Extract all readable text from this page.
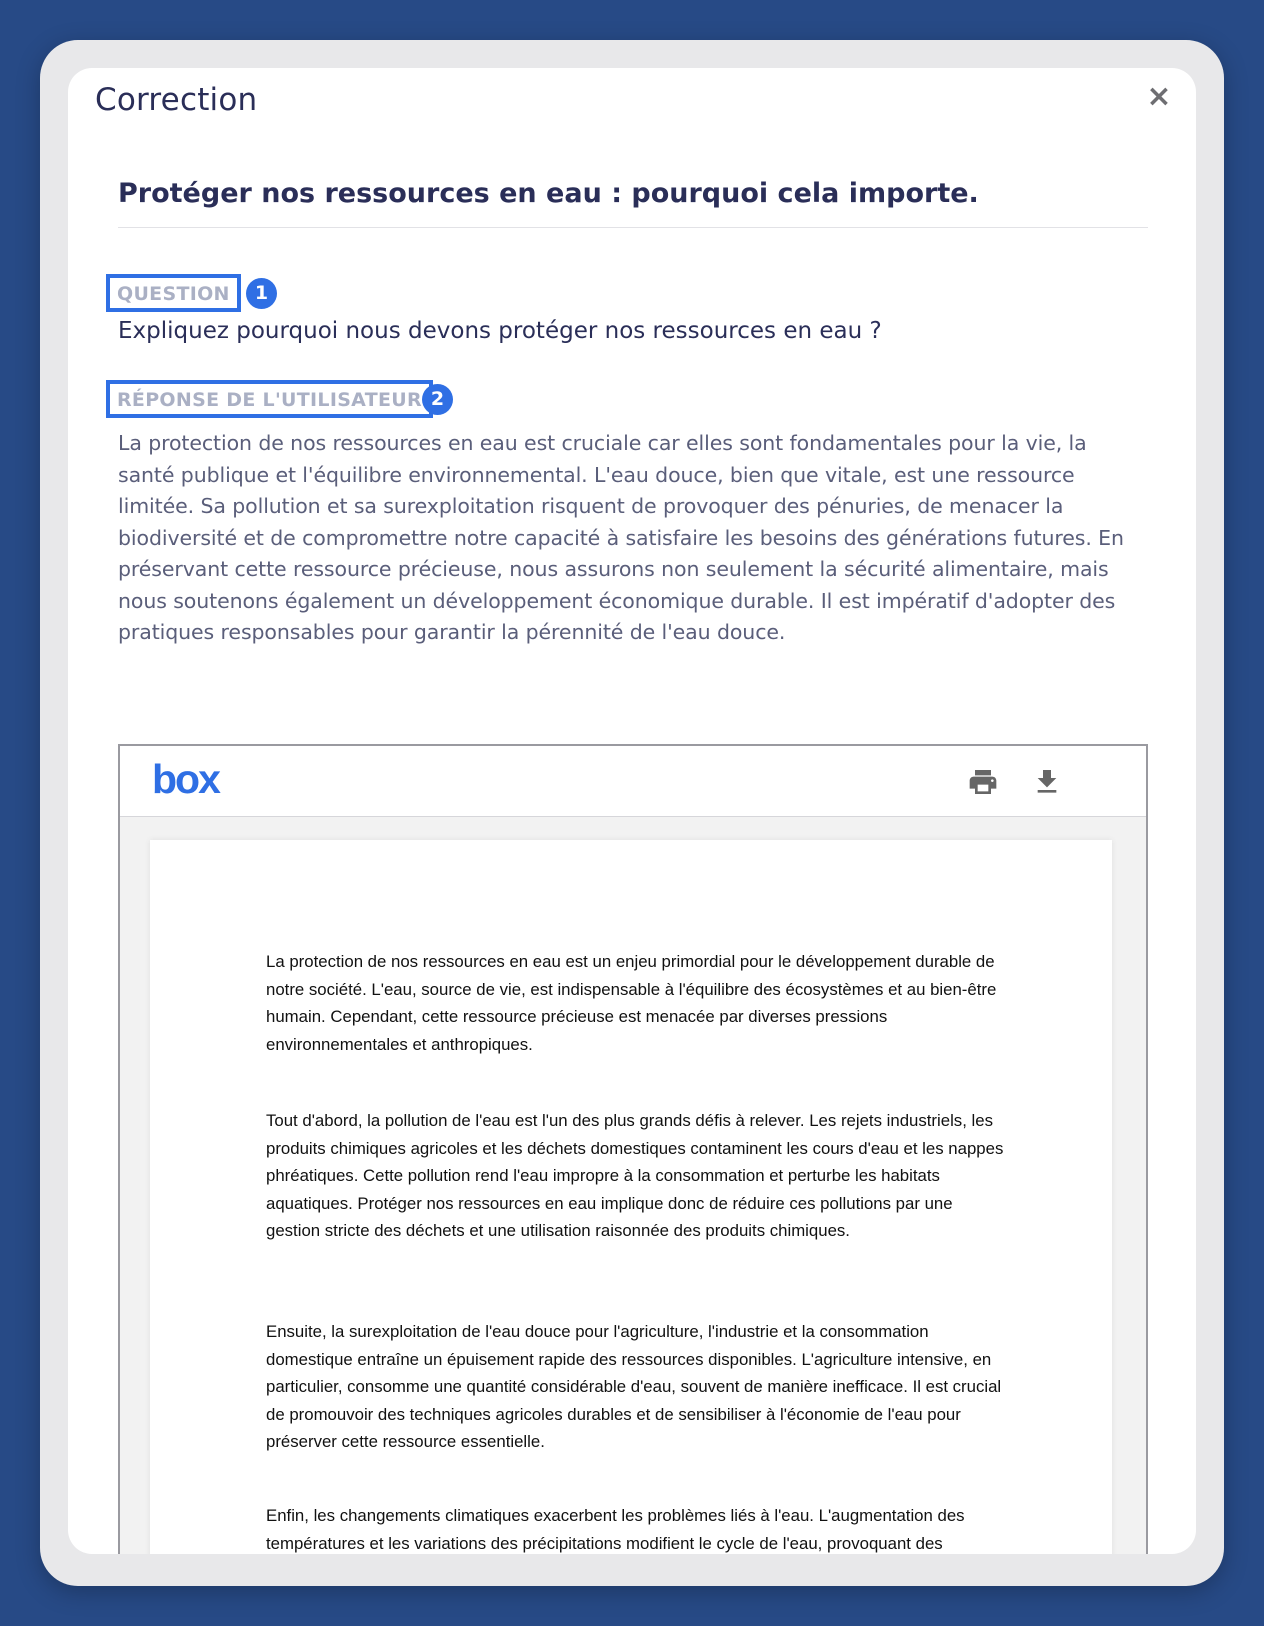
Correction	×
Protéger nos ressources en eau : pourquoi cela importe.
QUESTION	1
Expliquez pourquoi nous devons protéger nos ressources en eau ?
RÉPONSE DE L'UTILISATEUR 2
La protection de nos ressources en eau est cruciale car elles sont fondamentales pour la vie, la santé publique et l'équilibre environnemental. L'eau douce, bien que vitale, est une ressource limitée. Sa pollution et sa surexploitation risquent de provoquer des pénuries, de menacer la biodiversité et de compromettre notre capacité à satisfaire les besoins des générations futures. En préservant cette ressource précieuse, nous assurons non seulement la sécurité alimentaire, mais nous soutenons également un développement économique durable. Il est impératif d'adopter des pratiques responsables pour garantir la pérennité de l'eau douce.
box
La protection de nos ressources en eau est un enjeu primordial pour le développement durable de notre société. L'eau, source de vie, est indispensable à l'équilibre des écosystèmes et au bien-être humain. Cependant, cette ressource précieuse est menacée par diverses pressions environnementales et anthropiques.
Tout d'abord, la pollution de l'eau est l'un des plus grands défis à relever. Les rejets industriels, les produits chimiques agricoles et les déchets domestiques contaminent les cours d'eau et les nappes phréatiques. Cette pollution rend l'eau impropre à la consommation et perturbe les habitats aquatiques. Protéger nos ressources en eau implique donc de réduire ces pollutions par une gestion stricte des déchets et une utilisation raisonnée des produits chimiques.
Ensuite, la surexploitation de l'eau douce pour l'agriculture, l'industrie et la consommation domestique entraîne un épuisement rapide des ressources disponibles. L'agriculture intensive, en particulier, consomme une quantité considérable d'eau, souvent de manière inefficace. Il est crucial de promouvoir des techniques agricoles durables et de sensibiliser à l'économie de l'eau pour préserver cette ressource essentielle.
Enfin, les changements climatiques exacerbent les problèmes liés à l'eau. L'augmentation des températures et les variations des précipitations modifient le cycle de l'eau, provoquant des
